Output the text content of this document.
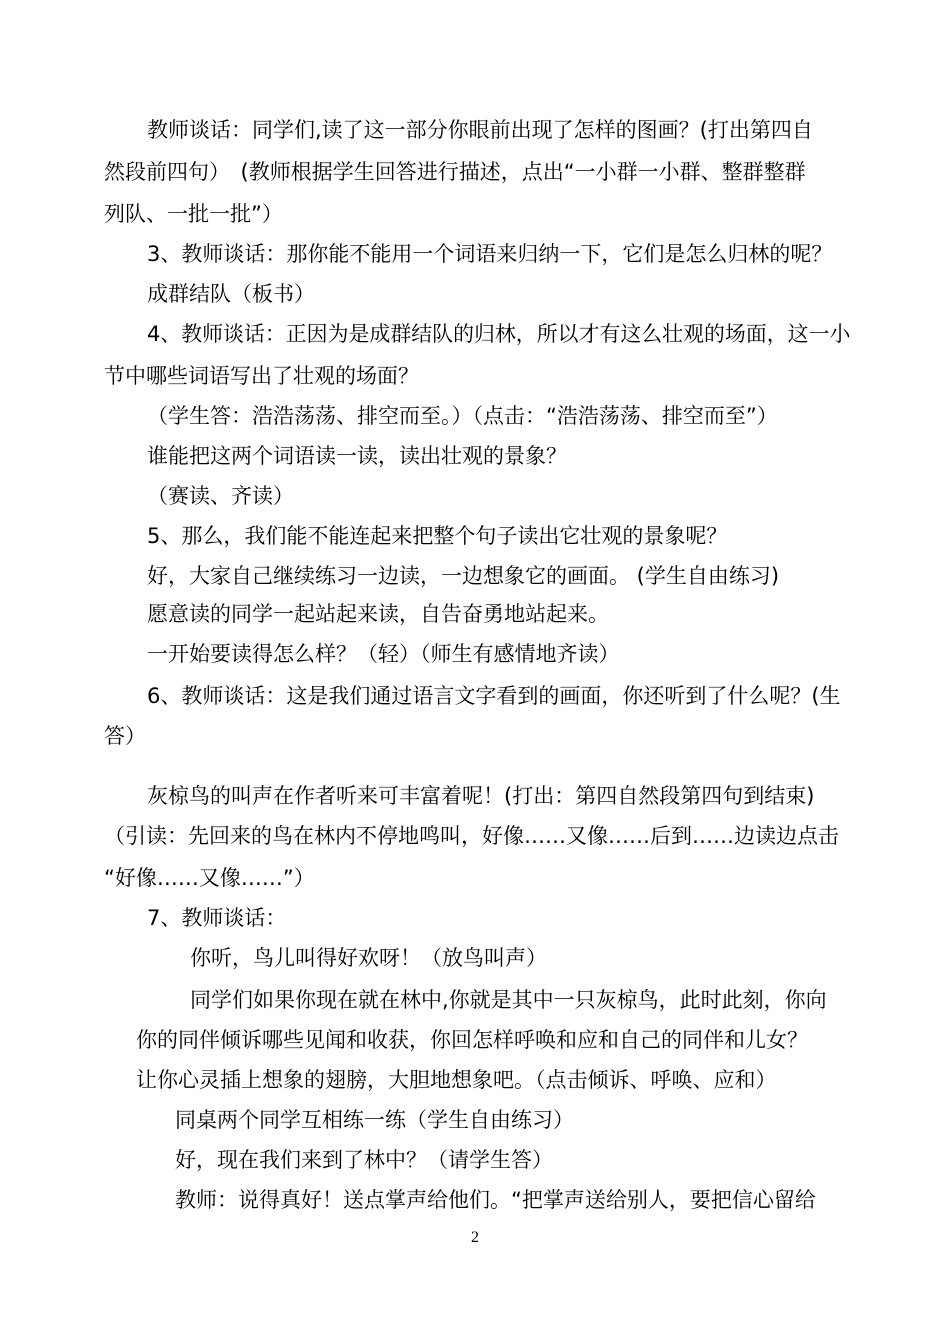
教师谈话：同学们,读了这一部分你眼前出现了怎样的图画？(打出第四自
然段前四句）　(教师根据学生回答进行描述，点出“一小群一小群、整群整群
列队、一批一批”）
3、教师谈话：那你能不能用一个词语来归纳一下，它们是怎么归林的呢？
成群结队（板书）
4、教师谈话：正因为是成群结队的归林，所以才有这么壮观的场面，这一小
节中哪些词语写出了壮观的场面？
（学生答：浩浩荡荡、排空而至。）（点击：“浩浩荡荡、排空而至”）
谁能把这两个词语读一读，读出壮观的景象？
（赛读、齐读）
5、那么，我们能不能连起来把整个句子读出它壮观的景象呢？
好，大家自己继续练习一边读，一边想象它的画面。 (学生自由练习)
愿意读的同学一起站起来读，自告奋勇地站起来。
一开始要读得怎么样？（轻）（师生有感情地齐读）
6、教师谈话：这是我们通过语言文字看到的画面，你还听到了什么呢？(生
答）
灰椋鸟的叫声在作者听来可丰富着呢！(打出：第四自然段第四句到结束)
（引读：先回来的鸟在林内不停地鸣叫，好像……又像……后到……边读边点击
“好像……又像……”）
7、教师谈话：
你听，鸟儿叫得好欢呀！（放鸟叫声）
同学们如果你现在就在林中,你就是其中一只灰椋鸟，此时此刻，你向
你的同伴倾诉哪些见闻和收获，你回怎样呼唤和应和自己的同伴和儿女？
让你心灵插上想象的翅膀，大胆地想象吧。（点击倾诉、呼唤、应和）
同桌两个同学互相练一练（学生自由练习）
好，现在我们来到了林中？（请学生答）
教师：说得真好！送点掌声给他们。“把掌声送给别人，要把信心留给
2
